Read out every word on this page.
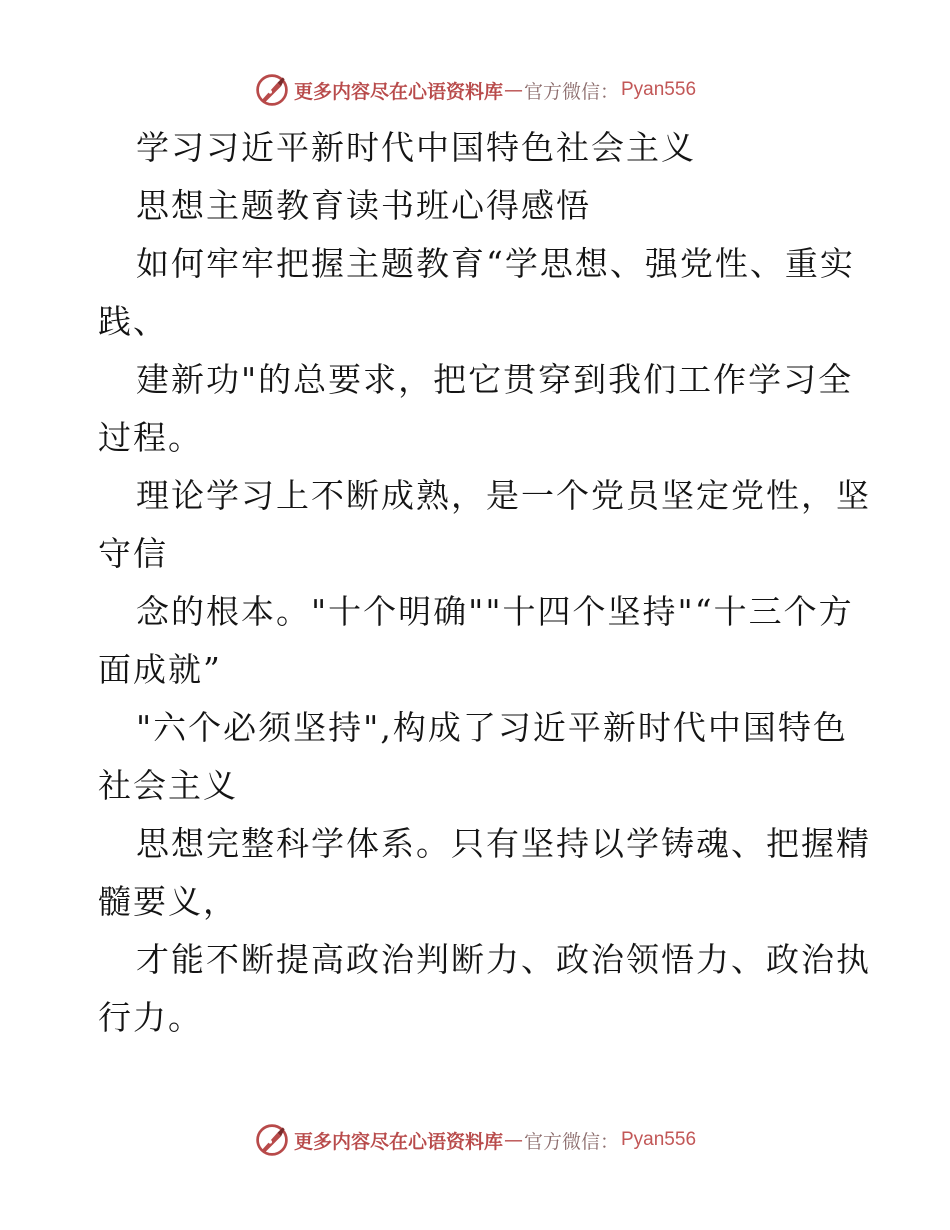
更多内容尽在心语资料库 — 官方微信： Pyan556
学习习近平新时代中国特色社会主义
思想主题教育读书班心得感悟
如何牢牢把握主题教育“学思想、强党性、重实
践、
建新功"的总要求，把它贯穿到我们工作学习全
过程。
理论学习上不断成熟，是一个党员坚定党性，坚
守信
念的根本。"十个明确""十四个坚持"“十三个方
面成就”
"六个必须坚持",构成了习近平新时代中国特色
社会主义
思想完整科学体系。只有坚持以学铸魂、把握精
髓要义，
才能不断提高政治判断力、政治领悟力、政治执
行力。
更多内容尽在心语资料库 — 官方微信： Pyan556
